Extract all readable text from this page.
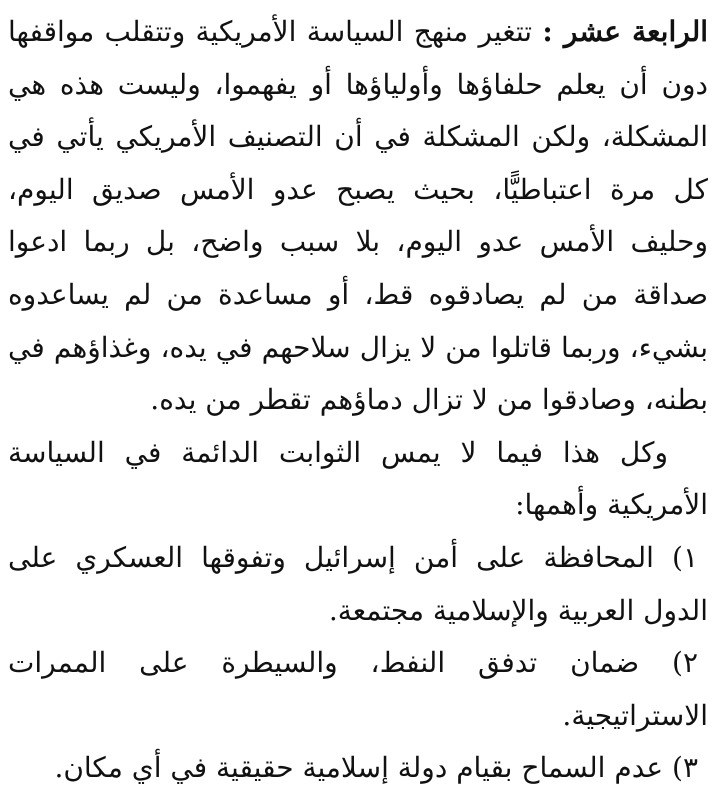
الرابعة عشر : تتغير منهج السياسة الأمريكية وتتقلب مواقفها دون أن يعلم حلفاؤها وأولياؤها أو يفهموا، وليست هذه هي المشكلة، ولكن المشكلة في أن التصنيف الأمريكي يأتي في كل مرة اعتباطيًّا، بحيث يصبح عدو الأمس صديق اليوم، وحليف الأمس عدو اليوم، بلا سبب واضح، بل ربما ادعوا صداقة من لم يصادقوه قط، أو مساعدة من لم يساعدوه بشيء، وربما قاتلوا من لا يزال سلاحهم في يده، وغذاؤهم في بطنه، وصادقوا من لا تزال دماؤهم تقطر من يده.

وكل هذا فيما لا يمس الثوابت الدائمة في السياسة الأمريكية وأهمها:

١) المحافظة على أمن إسرائيل وتفوقها العسكري على الدول العربية والإسلامية مجتمعة.

٢) ضمان تدفق النفط، والسيطرة على الممرات الاستراتيجية.

٣) عدم السماح بقيام دولة إسلامية حقيقية في أي مكان.
